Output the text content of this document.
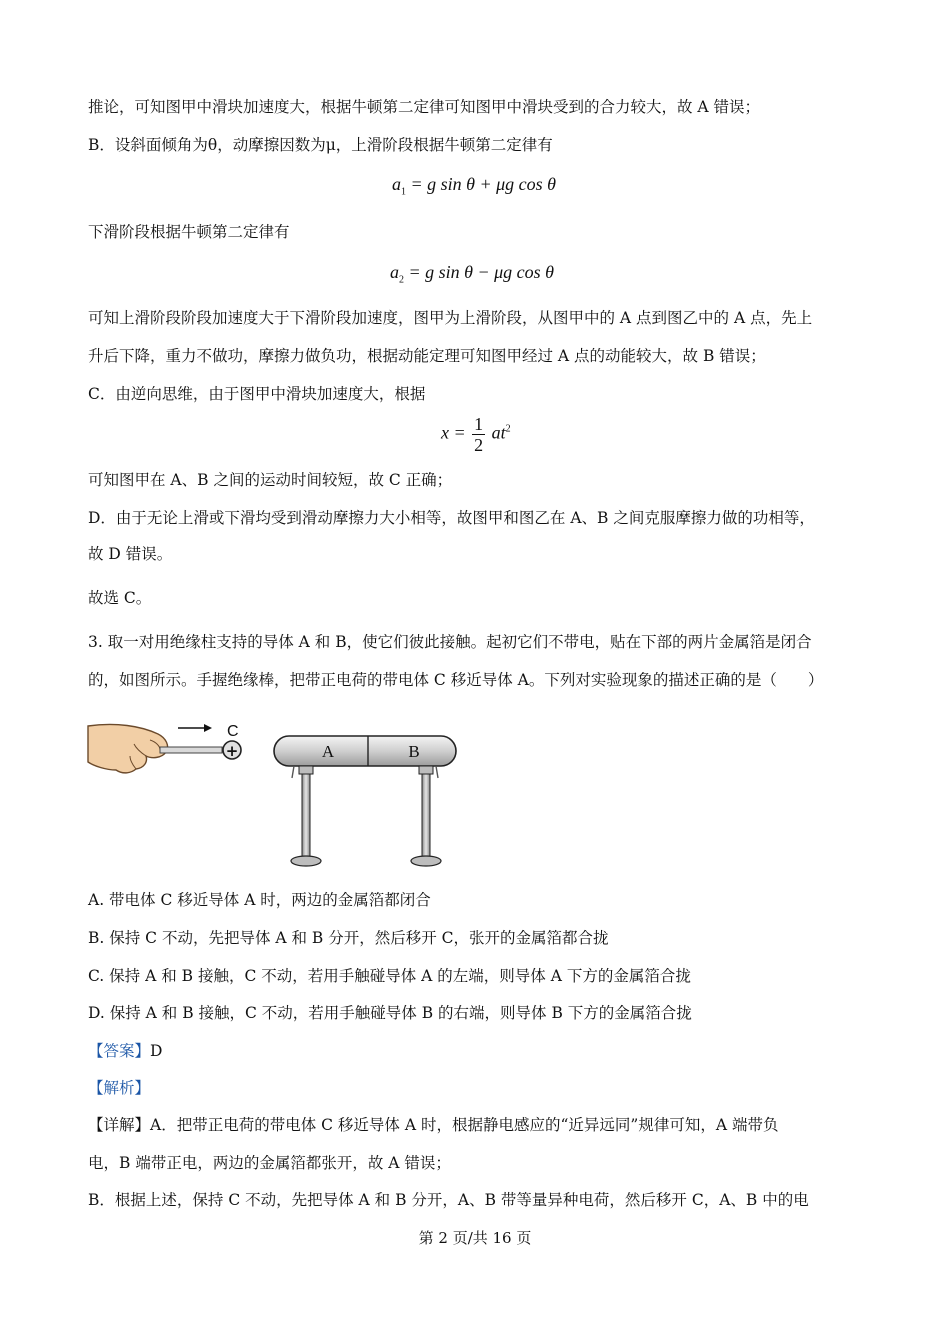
推论，可知图甲中滑块加速度大，根据牛顿第二定律可知图甲中滑块受到的合力较大，故 A 错误；
B．设斜面倾角为θ，动摩擦因数为μ，上滑阶段根据牛顿第二定律有
$a_1 = g$ sin θ + μg cos θ
下滑阶段根据牛顿第二定律有
$a_2 = g$ sin θ − μg cos θ
可知上滑阶段阶段加速度大于下滑阶段加速度，图甲为上滑阶段，从图甲中的 A 点到图乙中的 A 点，先上
升后下降，重力不做功，摩擦力做负功，根据动能定理可知图甲经过 A 点的动能较大，故 B 错误；
C．由逆向思维，由于图甲中滑块加速度大，根据
$x = \frac{1}{2} at^2$
可知图甲在 A、B 之间的运动时间较短，故 C 正确；
D．由于无论上滑或下滑均受到滑动摩擦力大小相等，故图甲和图乙在 A、B 之间克服摩擦力做的功相等，
故 D 错误。
故选 C。
3. 取一对用绝缘柱支持的导体 A 和 B，使它们彼此接触。起初它们不带电，贴在下部的两片金属箔是闭合
的，如图所示。手握绝缘棒，把带正电荷的带电体 C 移近导体 A。下列对实验现象的描述正确的是（　　）
C
+	A	B
A. 带电体 C 移近导体 A 时，两边的金属箔都闭合
B. 保持 C 不动，先把导体 A 和 B 分开，然后移开 C，张开的金属箔都合拢
C. 保持 A 和 B 接触，C 不动，若用手触碰导体 A 的左端，则导体 A 下方的金属箔合拢
D. 保持 A 和 B 接触，C 不动，若用手触碰导体 B 的右端，则导体 B 下方的金属箔合拢
【答案】D
【解析】
【详解】A．把带正电荷的带电体 C 移近导体 A 时，根据静电感应的“近异远同”规律可知，A 端带负
电，B 端带正电，两边的金属箔都张开，故 A 错误；
B．根据上述，保持 C 不动，先把导体 A 和 B 分开，A、B 带等量异种电荷，然后移开 C，A、B 中的电
第 2 页/共 16 页
